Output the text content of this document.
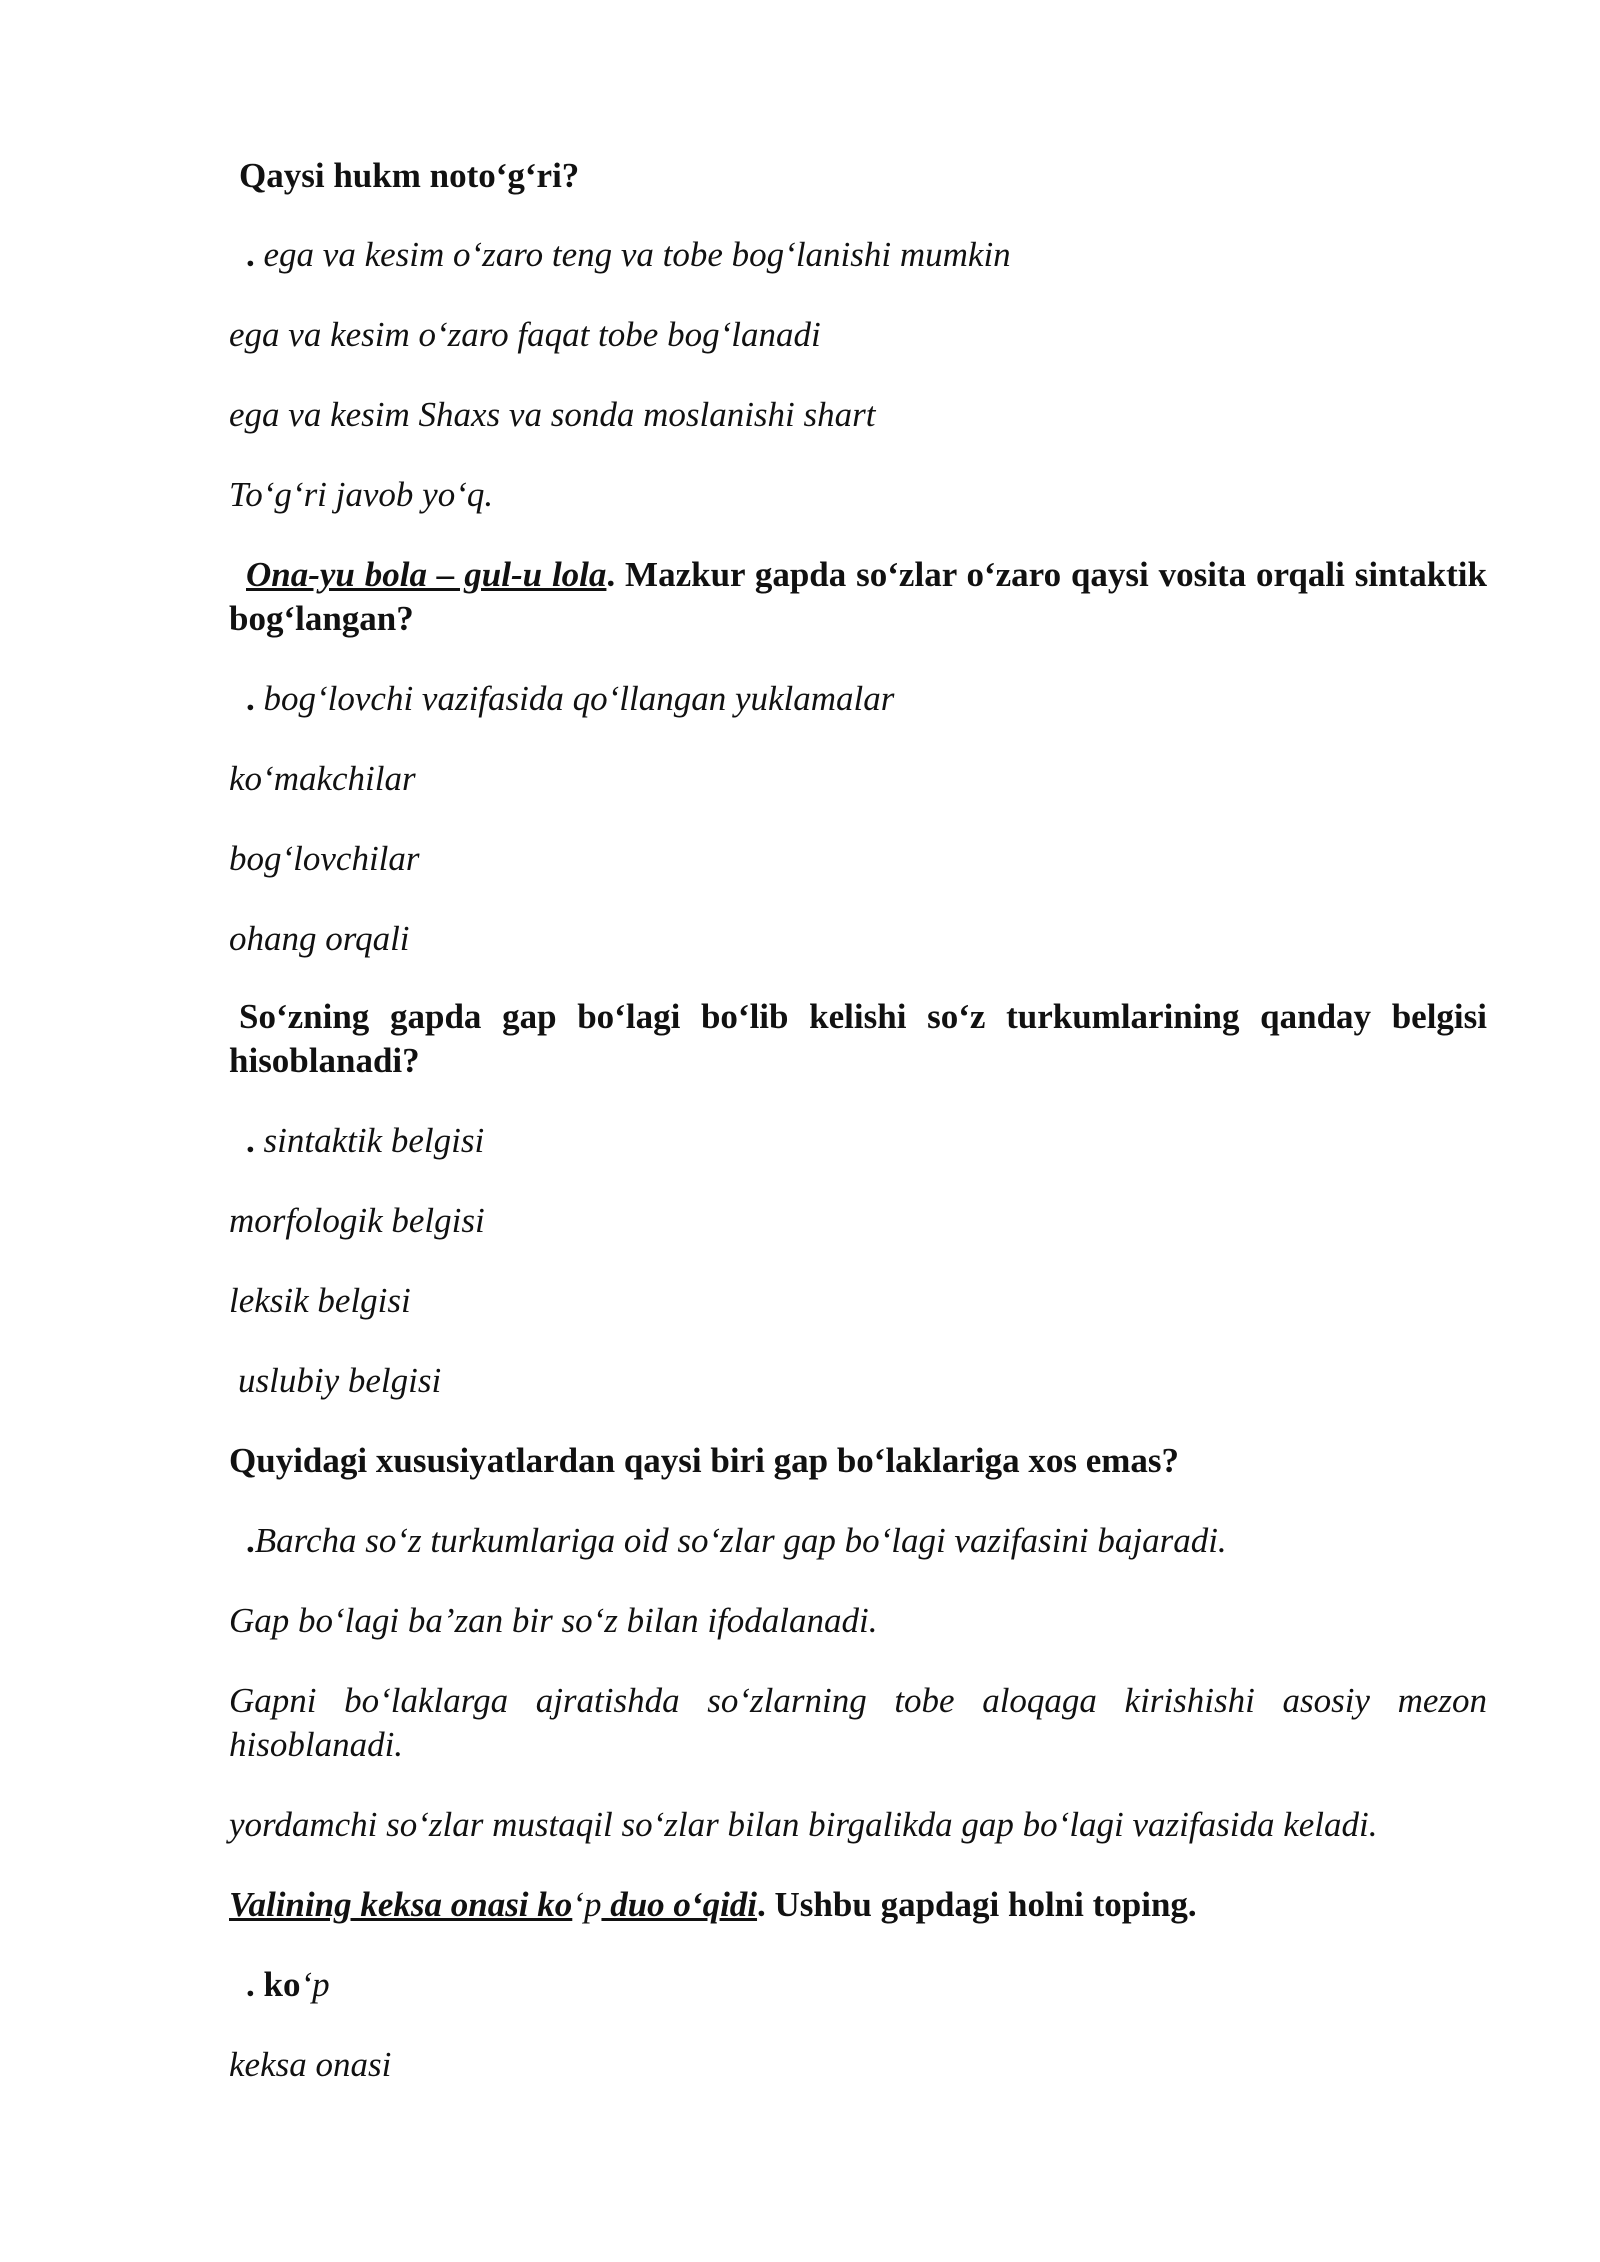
Qaysi hukm noto‘g‘ri?
. ega va kesim o‘zaro teng va tobe bog‘lanishi mumkin
ega va kesim o‘zaro faqat tobe bog‘lanadi
ega va kesim Shaxs va sonda moslanishi shart
To‘g‘ri javob yo‘q.
Ona-yu bola – gul-u lola. Mazkur gapda so‘zlar o‘zaro qaysi vosita orqali sintaktik bog‘langan?
. bog‘lovchi vazifasida qo‘llangan yuklamalar
ko‘makchilar
bog‘lovchilar
ohang orqali
So‘zning gapda gap bo‘lagi bo‘lib kelishi so‘z turkumlarining qanday belgisi hisoblanadi?
. sintaktik belgisi
morfologik belgisi
leksik belgisi
uslubiy belgisi
Quyidagi xususiyatlardan qaysi biri gap bo‘laklariga xos emas?
.Barcha so‘z turkumlariga oid so‘zlar gap bo‘lagi vazifasini bajaradi.
Gap bo‘lagi ba’zan bir so‘z bilan ifodalanadi.
Gapni bo‘laklarga ajratishda so‘zlarning tobe aloqaga kirishishi asosiy mezon hisoblanadi.
yordamchi so‘zlar mustaqil so‘zlar bilan birgalikda gap bo‘lagi vazifasida keladi.
Valining keksa onasi ko‘p duo o‘qidi. Ushbu gapdagi holni toping.
. ko‘p
keksa onasi
